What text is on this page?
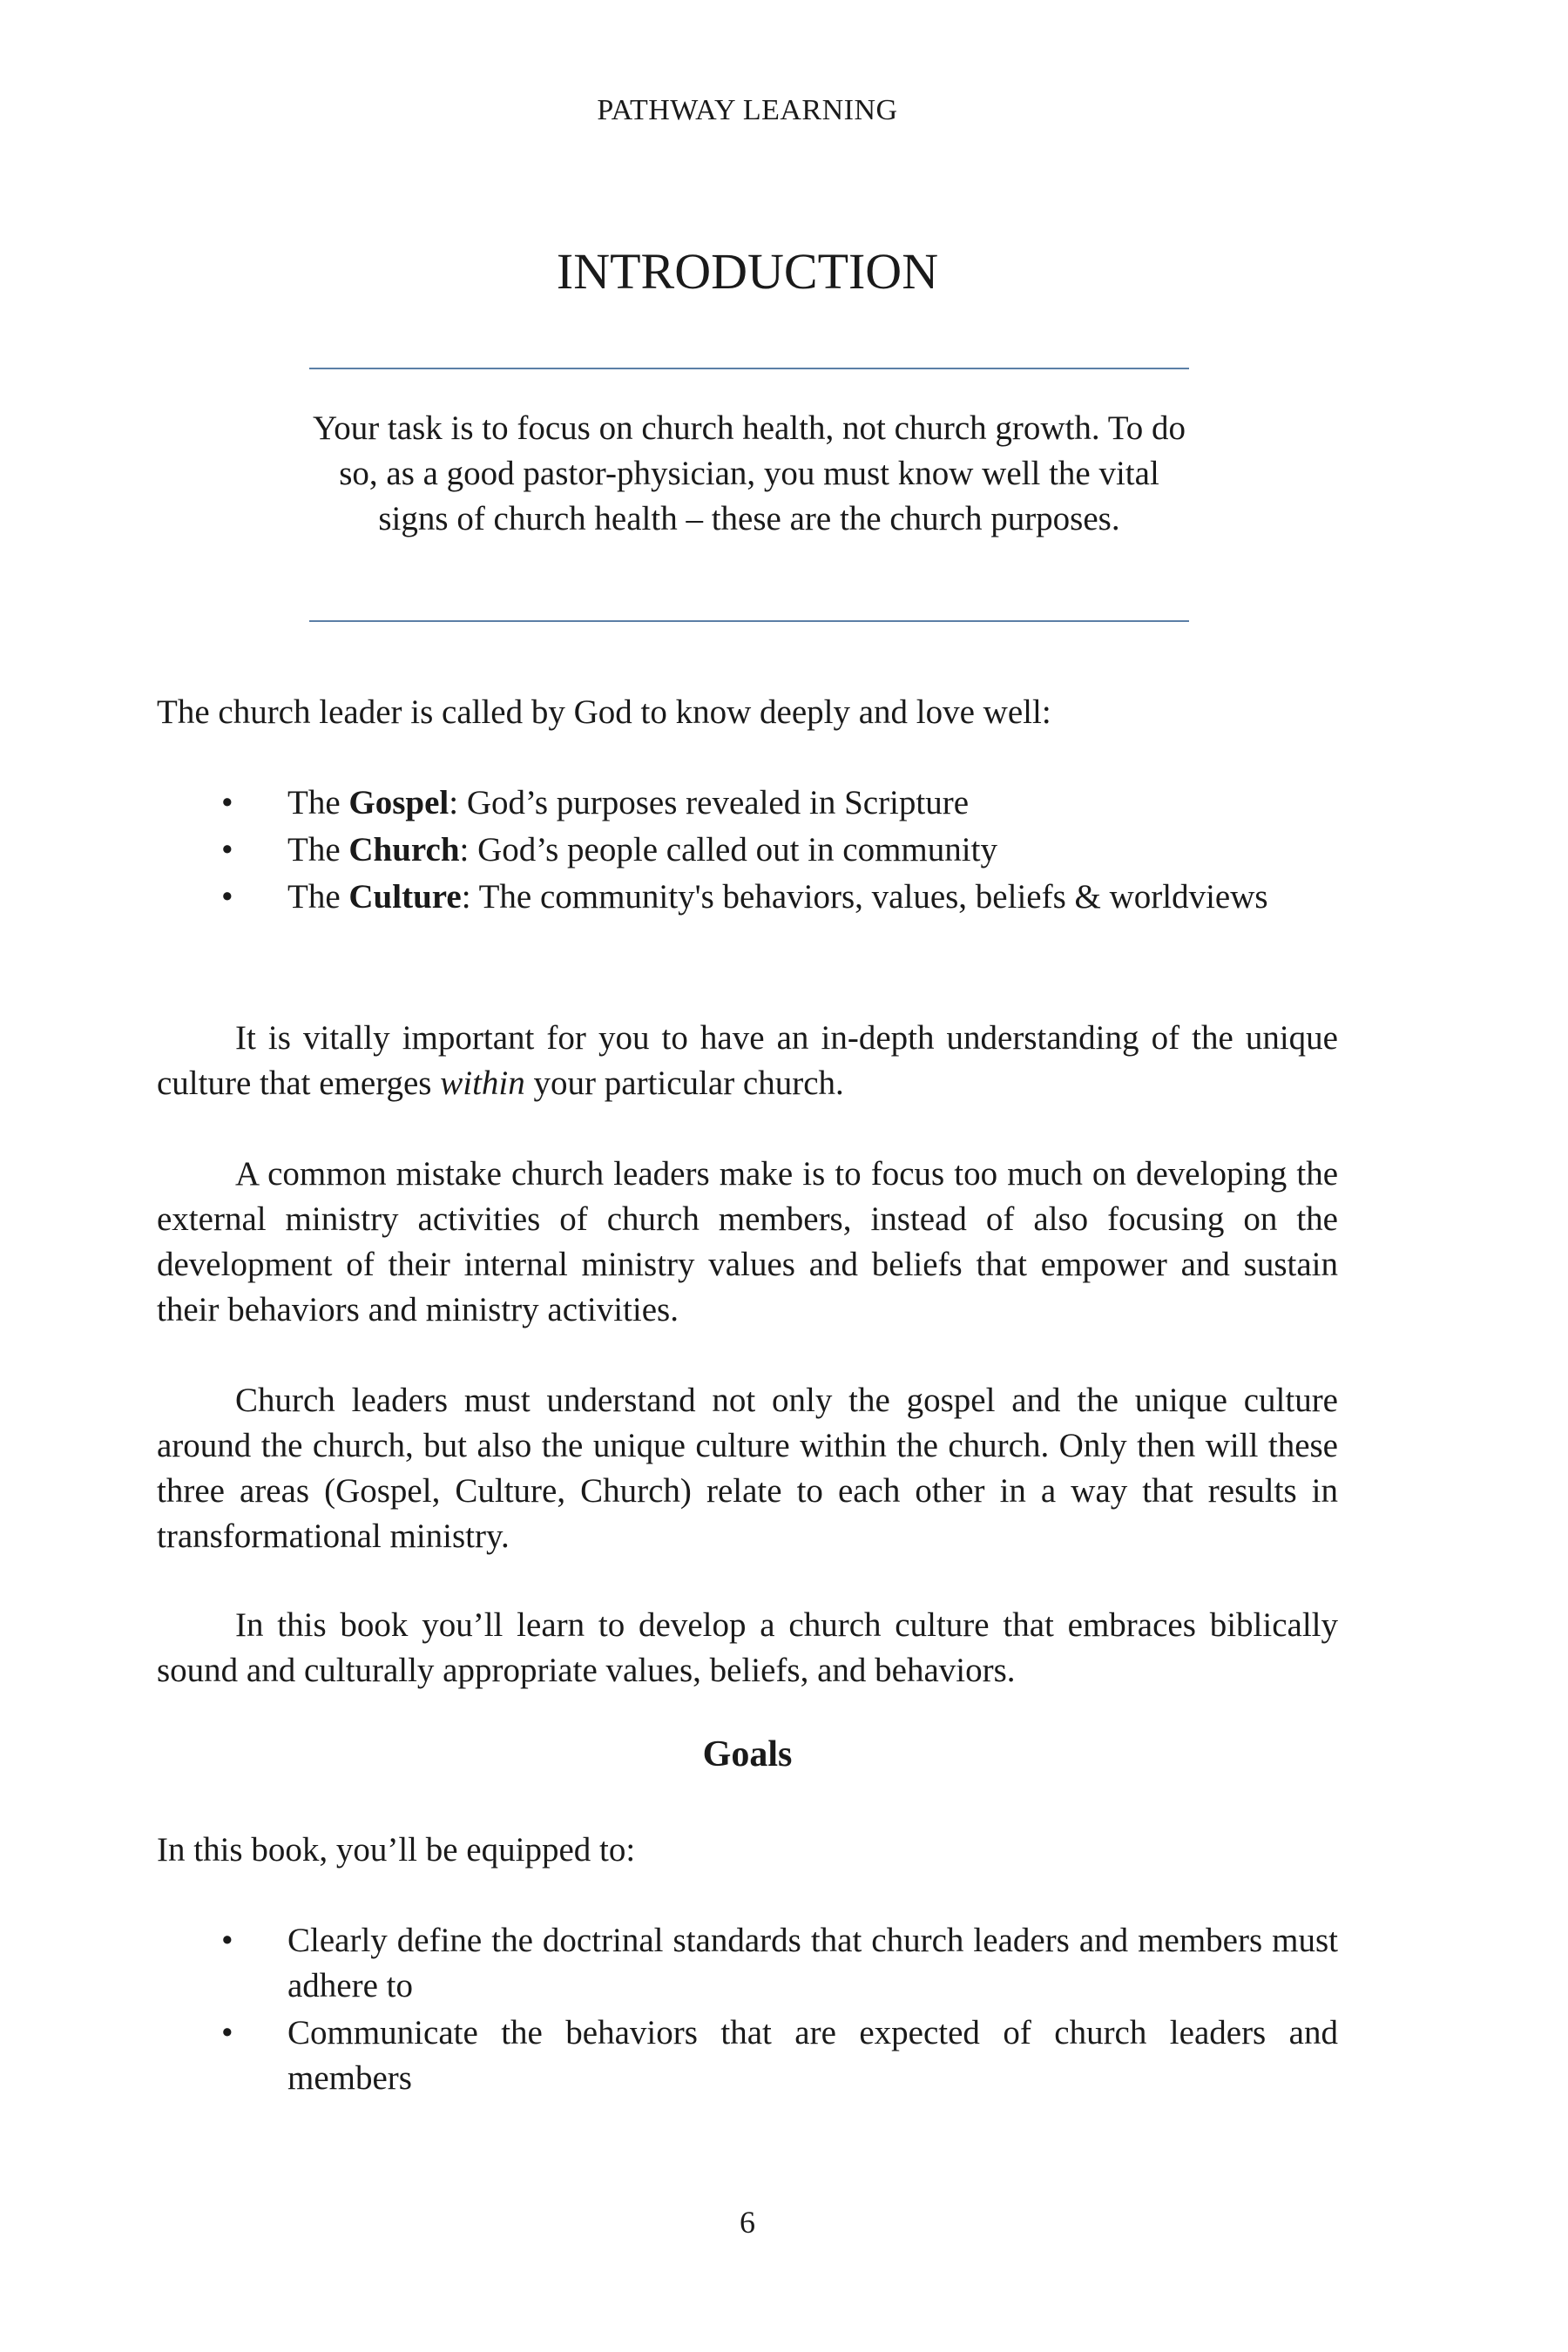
PATHWAY LEARNING
INTRODUCTION

Your task is to focus on church health, not church growth. To do so, as a good pastor-physician, you must know well the vital signs of church health – these are the church purposes.

The church leader is called by God to know deeply and love well:

• The Gospel: God’s purposes revealed in Scripture
• The Church: God’s people called out in community
• The Culture: The community's behaviors, values, beliefs & worldviews

It is vitally important for you to have an in-depth understanding of the unique culture that emerges within your particular church.

A common mistake church leaders make is to focus too much on developing the external ministry activities of church members, instead of also focusing on the development of their internal ministry values and beliefs that empower and sustain their behaviors and ministry activities.

Church leaders must understand not only the gospel and the unique culture around the church, but also the unique culture within the church. Only then will these three areas (Gospel, Culture, Church) relate to each other in a way that results in transformational ministry.

In this book you’ll learn to develop a church culture that embraces biblically sound and culturally appropriate values, beliefs, and behaviors.

Goals

In this book, you’ll be equipped to:

• Clearly define the doctrinal standards that church leaders and members must adhere to
• Communicate the behaviors that are expected of church leaders and members
6
